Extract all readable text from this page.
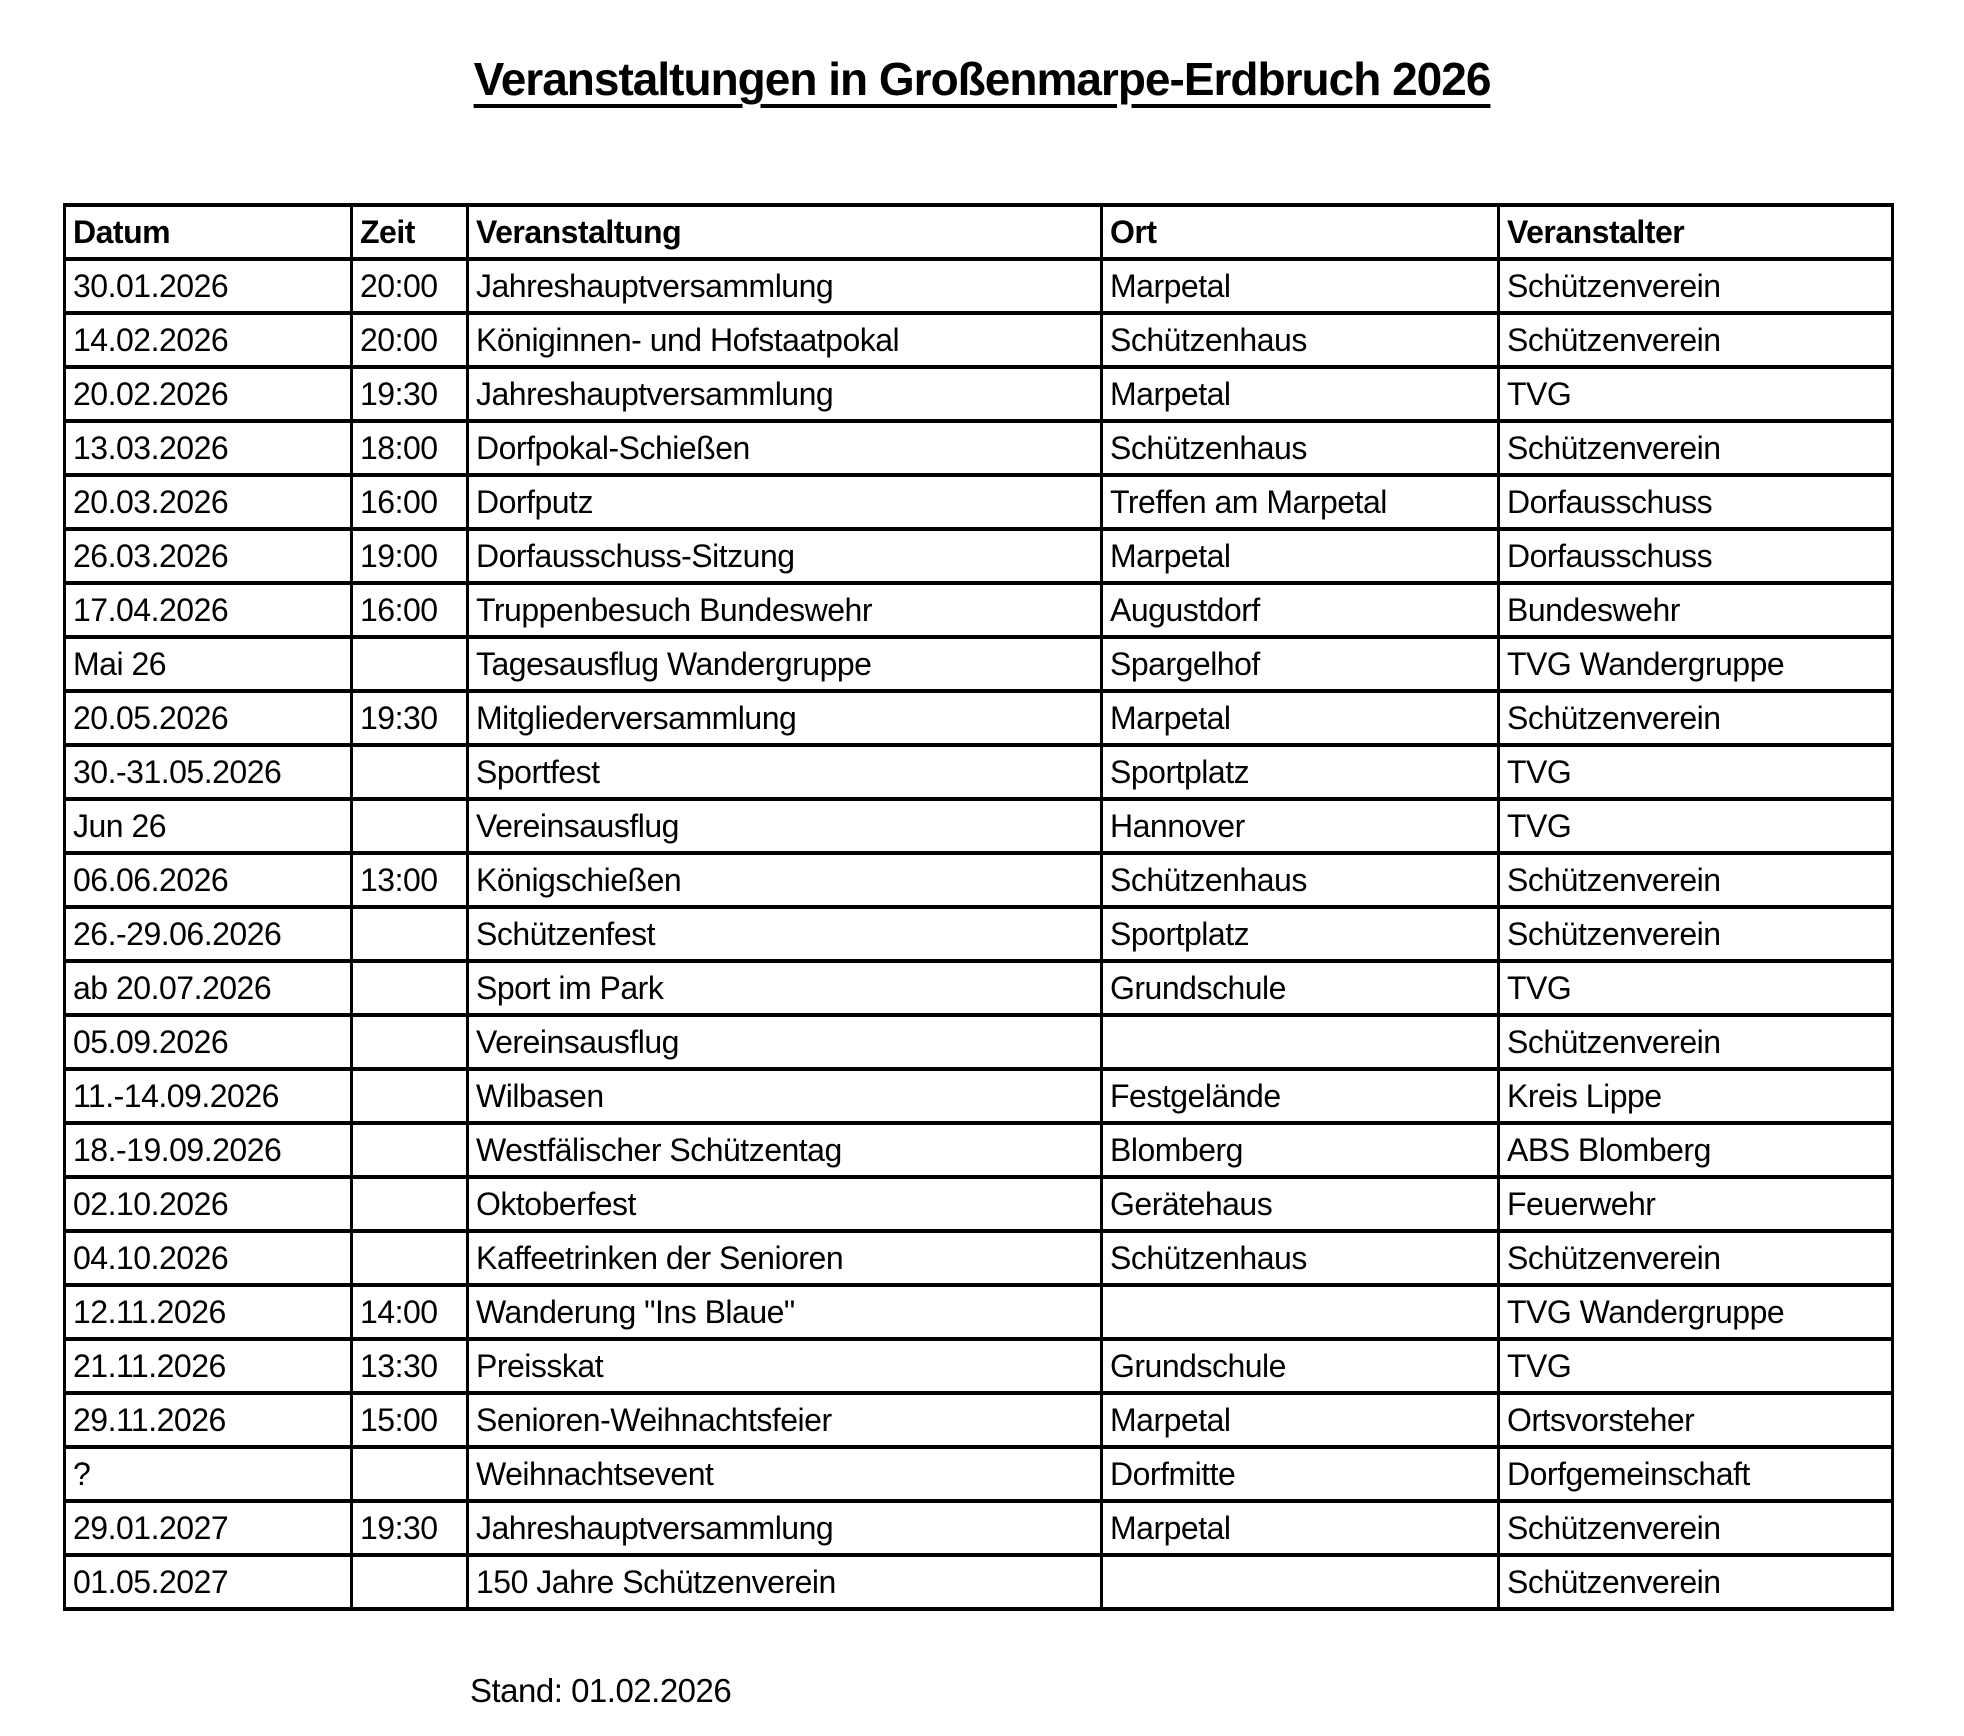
Veranstaltungen in Großenmarpe-Erdbruch 2026
Datum	Zeit	Veranstaltung	Ort	Veranstalter
30.01.2026	20:00	Jahreshauptversammlung	Marpetal	Schützenverein
14.02.2026	20:00	Königinnen- und Hofstaatpokal	Schützenhaus	Schützenverein
20.02.2026	19:30	Jahreshauptversammlung	Marpetal	TVG
13.03.2026	18:00	Dorfpokal-Schießen	Schützenhaus	Schützenverein
20.03.2026	16:00	Dorfputz	Treffen am Marpetal	Dorfausschuss
26.03.2026	19:00	Dorfausschuss-Sitzung	Marpetal	Dorfausschuss
17.04.2026	16:00	Truppenbesuch Bundeswehr	Augustdorf	Bundeswehr
Mai 26		Tagesausflug Wandergruppe	Spargelhof	TVG Wandergruppe
20.05.2026	19:30	Mitgliederversammlung	Marpetal	Schützenverein
30.-31.05.2026		Sportfest	Sportplatz	TVG
Jun 26		Vereinsausflug	Hannover	TVG
06.06.2026	13:00	Königschießen	Schützenhaus	Schützenverein
26.-29.06.2026		Schützenfest	Sportplatz	Schützenverein
ab 20.07.2026		Sport im Park	Grundschule	TVG
05.09.2026		Vereinsausflug		Schützenverein
11.-14.09.2026		Wilbasen	Festgelände	Kreis Lippe
18.-19.09.2026		Westfälischer Schützentag	Blomberg	ABS Blomberg
02.10.2026		Oktoberfest	Gerätehaus	Feuerwehr
04.10.2026		Kaffeetrinken der Senioren	Schützenhaus	Schützenverein
12.11.2026	14:00	Wanderung "Ins Blaue"		TVG Wandergruppe
21.11.2026	13:30	Preisskat	Grundschule	TVG
29.11.2026	15:00	Senioren-Weihnachtsfeier	Marpetal	Ortsvorsteher
?		Weihnachtsevent	Dorfmitte	Dorfgemeinschaft
29.01.2027	19:30	Jahreshauptversammlung	Marpetal	Schützenverein
01.05.2027		150 Jahre Schützenverein		Schützenverein
Stand: 01.02.2026
